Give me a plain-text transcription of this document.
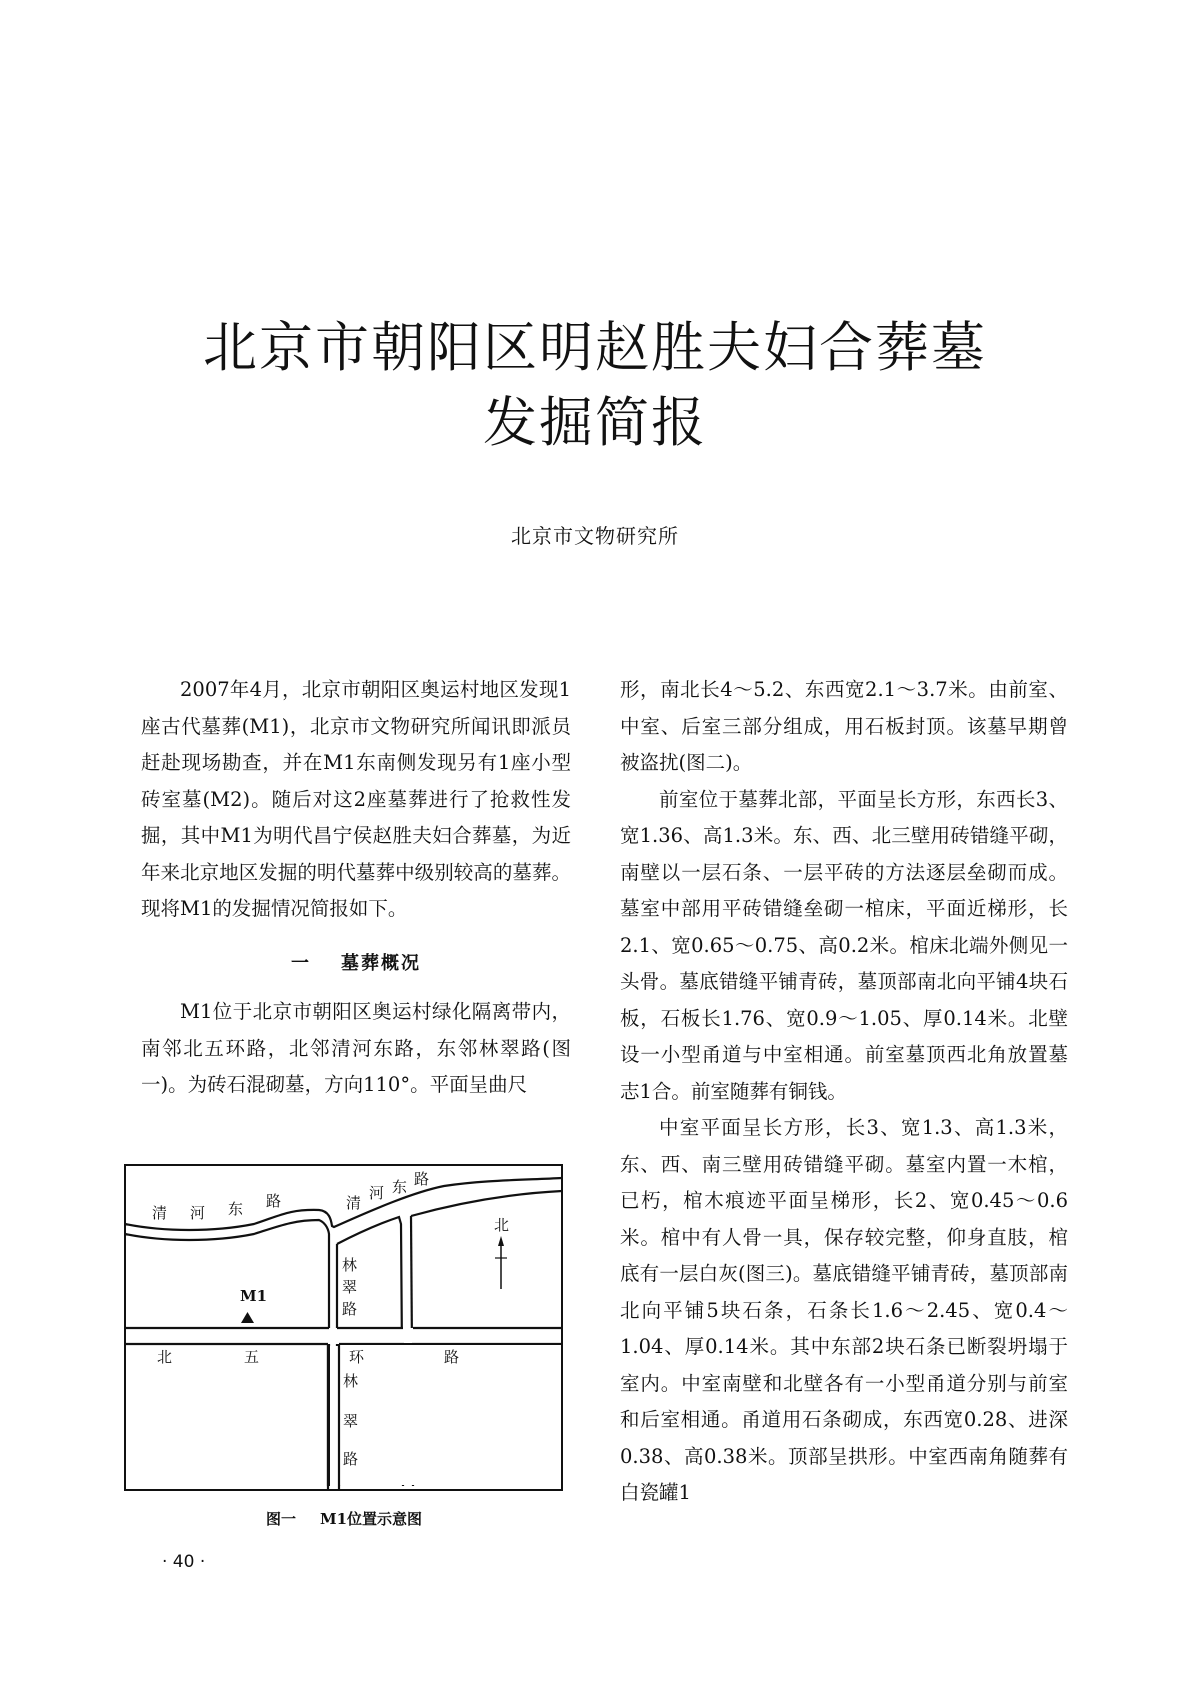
北京市朝阳区明赵胜夫妇合葬墓
发掘简报
北京市文物研究所

2007年4月，北京市朝阳区奥运村地区发现1座古代墓葬(M1)，北京市文物研究所闻讯即派员赶赴现场勘查，并在M1东南侧发现另有1座小型砖室墓(M2)。随后对这2座墓葬进行了抢救性发掘，其中M1为明代昌宁侯赵胜夫妇合葬墓，为近年来北京地区发掘的明代墓葬中级别较高的墓葬。现将M1的发掘情况简报如下。

一 墓葬概况

M1位于北京市朝阳区奥运村绿化隔离带内，南邻北五环路，北邻清河东路，东邻林翠路(图一)。为砖石混砌墓，方向110°。平面呈曲尺

形，南北长4～5.2、东西宽2.1～3.7米。由前室、中室、后室三部分组成，用石板封顶。该墓早期曾被盗扰(图二)。

前室位于墓葬北部，平面呈长方形，东西长3、宽1.36、高1.3米。东、西、北三壁用砖错缝平砌，南壁以一层石条、一层平砖的方法逐层垒砌而成。墓室中部用平砖错缝垒砌一棺床，平面近梯形，长2.1、宽0.65～0.75、高0.2米。棺床北端外侧见一头骨。墓底错缝平铺青砖，墓顶部南北向平铺4块石板，石板长1.76、宽0.9～1.05、厚0.14米。北壁设一小型甬道与中室相通。前室墓顶西北角放置墓志1合。前室随葬有铜钱。

中室平面呈长方形，长3、宽1.3、高1.3米，东、西、南三壁用砖错缝平砌。墓室内置一木棺，已朽，棺木痕迹平面呈梯形，长2、宽0.45～0.6米。棺中有人骨一具，保存较完整，仰身直肢，棺底有一层白灰(图三)。墓底错缝平铺青砖，墓顶部南北向平铺5块石条，石条长1.6～2.45、宽0.4～1.04、厚0.14米。其中东部2块石条已断裂坍塌于室内。中室南壁和北壁各有一小型甬道分别与前室和后室相通。甬道用石条砌成，东西宽0.28、进深0.38、高0.38米。顶部呈拱形。中室西南角随葬有白瓷罐1

北
清 河 东 路	清
河 东 路
林
翠
路
M1
北	五	环	路
林
翠
路
图一 M1位置示意图
· 40 ·
